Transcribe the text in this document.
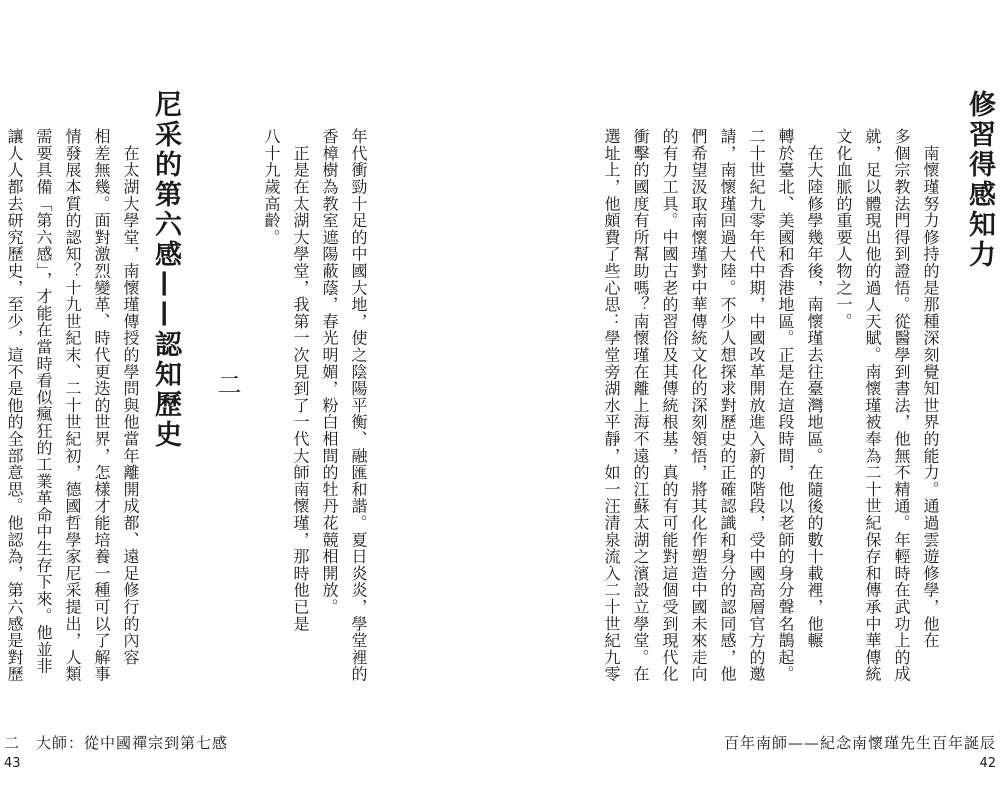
修習得感知力
　南懷瑾努力修持的是那種深刻覺知世界的能力。通過雲遊修學，他在
多個宗教法門得到證悟。從醫學到書法，他無不精通。年輕時在武功上的成
就，足以體現出他的過人天賦。南懷瑾被奉為二十世紀保存和傳承中華傳統
文化血脈的重要人物之一。
　在大陸修學幾年後，南懷瑾去往臺灣地區。在隨後的數十載裡，他輾
轉於臺北、美國和香港地區。正是在這段時間，他以老師的身分聲名鵲起。
二十世紀九零年代中期，中國改革開放進入新的階段，受中國高層官方的邀
請，南懷瑾回過大陸。不少人想探求對歷史的正確認識和身分的認同感，他
們希望汲取南懷瑾對中華傳統文化的深刻領悟，將其化作塑造中國未來走向
的有力工具。中國古老的習俗及其傳統根基，真的有可能對這個受到現代化
衝擊的國度有所幫助嗎？南懷瑾在離上海不遠的江蘇太湖之濱設立學堂。在
選址上，他頗費了些心思：學堂旁湖水平靜，如一汪清泉流入二十世紀九零
百年南師——紀念南懷瑾先生百年誕辰
42
年代衝勁十足的中國大地，使之陰陽平衡、融匯和諧。夏日炎炎，學堂裡的
香樟樹為教室遮陽蔽蔭，春光明媚，粉白相間的牡丹花競相開放。
　正是在太湖大學堂，我第一次見到了一代大師南懷瑾，那時他已是
八十九歲高齡。
二
尼采的第六感——認知歷史
　在太湖大學堂，南懷瑾傳授的學問與他當年離開成都、遠足修行的內容
相差無幾。面對激烈變革、時代更迭的世界，怎樣才能培養一種可以了解事
情發展本質的認知？十九世紀末、二十世紀初，德國哲學家尼采提出，人類
需要具備「第六感」，才能在當時看似瘋狂的工業革命中生存下來。他並非
讓人人都去研究歷史，至少，這不是他的全部意思。他認為，第六感是對歷
二　大師：從中國禪宗到第七感
43
